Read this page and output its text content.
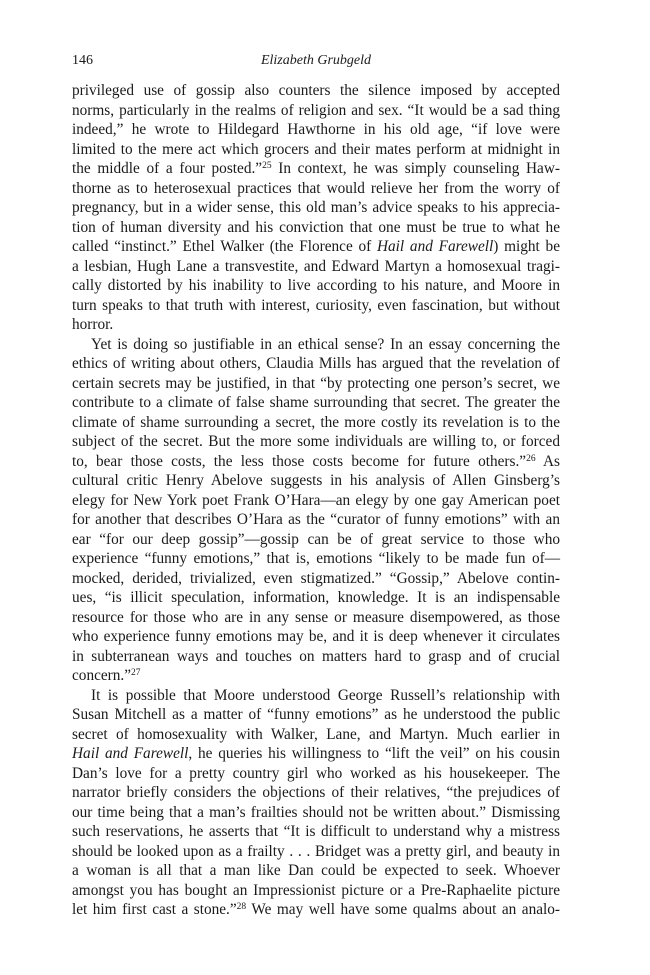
146	Elizabeth Grubgeld
privileged use of gossip also counters the silence imposed by accepted
norms, particularly in the realms of religion and sex. “It would be a sad thing
indeed,” he wrote to Hildegard Hawthorne in his old age, “if love were
limited to the mere act which grocers and their mates perform at midnight in
the middle of a four posted.”$^{25}$ In context, he was simply counseling Haw-
thorne as to heterosexual practices that would relieve her from the worry of
pregnancy, but in a wider sense, this old man’s advice speaks to his apprecia-
tion of human diversity and his conviction that one must be true to what he
called “instinct.” Ethel Walker (the Florence of Hail and Farewell) might be
a lesbian, Hugh Lane a transvestite, and Edward Martyn a homosexual tragi-
cally distorted by his inability to live according to his nature, and Moore in
turn speaks to that truth with interest, curiosity, even fascination, but without
horror.
Yet is doing so justifiable in an ethical sense? In an essay concerning the
ethics of writing about others, Claudia Mills has argued that the revelation of
certain secrets may be justified, in that “by protecting one person’s secret, we
contribute to a climate of false shame surrounding that secret. The greater the
climate of shame surrounding a secret, the more costly its revelation is to the
subject of the secret. But the more some individuals are willing to, or forced
to, bear those costs, the less those costs become for future others.”$^{26}$ As
cultural critic Henry Abelove suggests in his analysis of Allen Ginsberg’s
elegy for New York poet Frank O’Hara—an elegy by one gay American poet
for another that describes O’Hara as the “curator of funny emotions” with an
ear “for our deep gossip”—gossip can be of great service to those who
experience “funny emotions,” that is, emotions “likely to be made fun of—
mocked, derided, trivialized, even stigmatized.” “Gossip,” Abelove contin-
ues, “is illicit speculation, information, knowledge. It is an indispensable
resource for those who are in any sense or measure disempowered, as those
who experience funny emotions may be, and it is deep whenever it circulates
in subterranean ways and touches on matters hard to grasp and of crucial
concern.”$^{27}$
It is possible that Moore understood George Russell’s relationship with
Susan Mitchell as a matter of “funny emotions” as he understood the public
secret of homosexuality with Walker, Lane, and Martyn. Much earlier in
Hail and Farewell, he queries his willingness to “lift the veil” on his cousin
Dan’s love for a pretty country girl who worked as his housekeeper. The
narrator briefly considers the objections of their relatives, “the prejudices of
our time being that a man’s frailties should not be written about.” Dismissing
such reservations, he asserts that “It is difficult to understand why a mistress
should be looked upon as a frailty . . . Bridget was a pretty girl, and beauty in
a woman is all that a man like Dan could be expected to seek. Whoever
amongst you has bought an Impressionist picture or a Pre-Raphaelite picture
let him first cast a stone.”$^{28}$ We may well have some qualms about an analo-
